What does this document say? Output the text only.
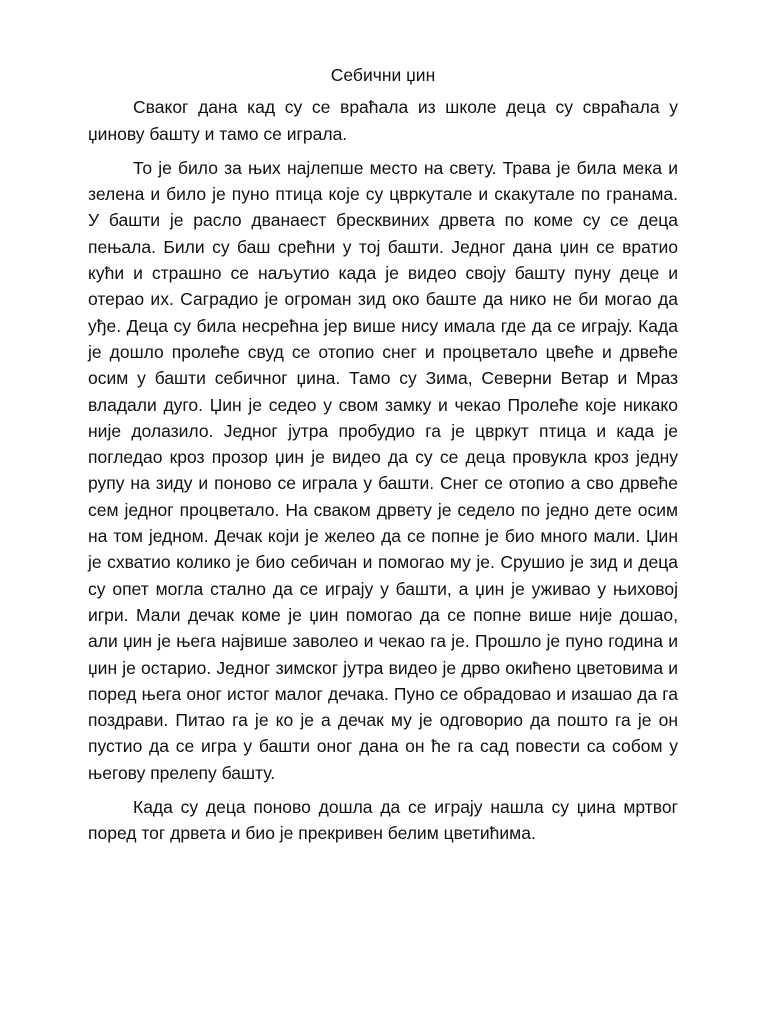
Себични џин

Сваког дана кад су се враћала из школе деца су свраћала у џинову башту и тамо се играла.

То је било за њих најлепше место на свету. Трава је била мека и зелена и било је пуно птица које су цвркутале и скакутале по гранама. У башти је расло дванаест бресквиних дрвета по коме су се деца пењала. Били су баш срећни у тој башти. Једног дана џин се вратио кући и страшно се наљутио када је видео своју башту пуну деце и отерао их. Саградио је огроман зид око баште да нико не би могао да уђе. Деца су била несрећна јер више нису имала где да се играју. Када је дошло пролеће свуд се отопио снег и процветало цвеће и дрвеће осим у башти себичног џина. Тамо су Зима, Северни Ветар и Мраз владали дуго. Џин је седео у свом замку и чекао Пролеће које никако није долазило. Једног јутра пробудио га је цвркут птица и када је погледао кроз прозор џин је видео да су се деца провукла кроз једну рупу на зиду и поново се играла у башти. Снег се отопио а сво дрвеће сем једног процветало. На сваком дрвету је седело по једно дете осим на том једном. Дечак који је желео да се попне је био много мали. Џин је схватио колико је био себичан и помогао му је. Срушио је зид и деца су опет могла стално да се играју у башти, а џин је уживао у њиховој игри. Мали дечак коме је џин помогао да се попне више није дошао, али џин је њега највише заволео и чекао га је. Прошло је пуно година и џин је остарио. Једног зимског јутра видео је дрво окићено цветовима и поред њега оног истог малог дечака. Пуно се обрадовао и изашао да га поздрави. Питао га је ко је а дечак му је одговорио да пошто га је он пустио да се игра у башти оног дана он ће га сад повести са собом у његову прелепу башту.

Када су деца поново дошла да се играју нашла су џина мртвог поред тог дрвета и био је прекривен белим цветићима.
